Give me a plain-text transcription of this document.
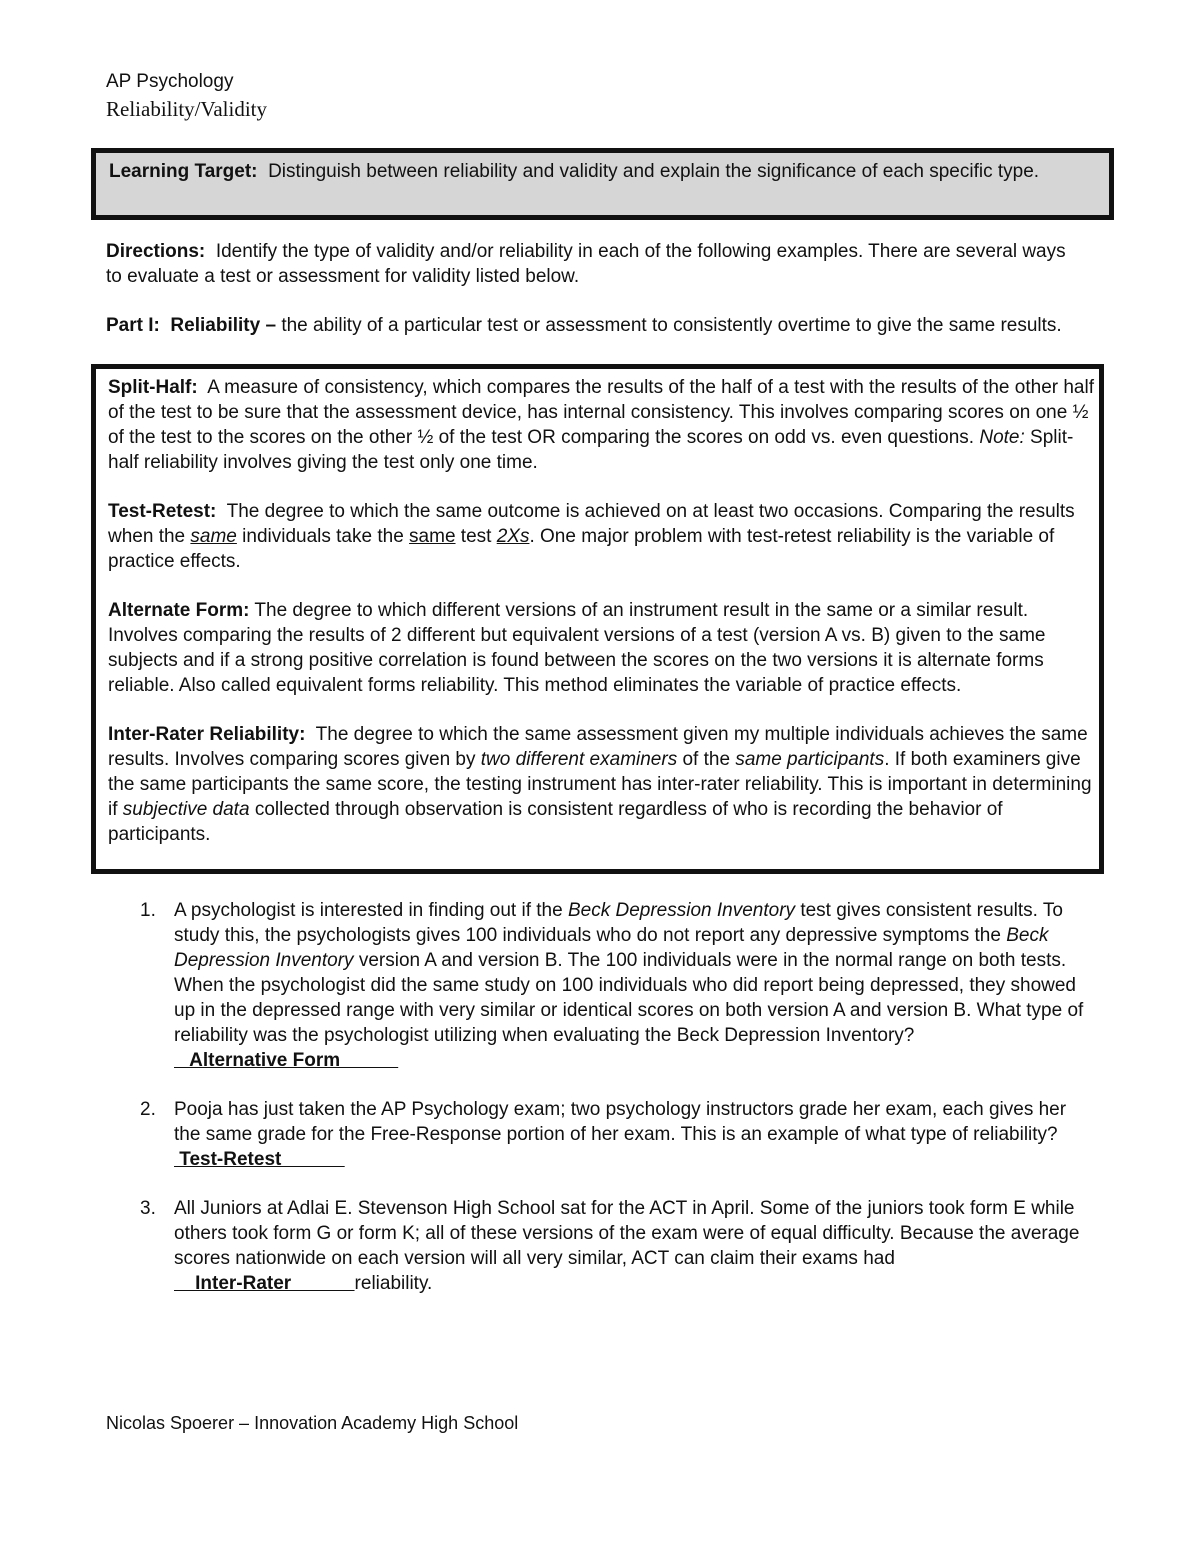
AP Psychology
Reliability/Validity
Learning Target: Distinguish between reliability and validity and explain the significance of each specific type.
Directions: Identify the type of validity and/or reliability in each of the following examples. There are several ways to evaluate a test or assessment for validity listed below.
Part I: Reliability – the ability of a particular test or assessment to consistently overtime to give the same results.

Split-Half: A measure of consistency, which compares the results of the half of a test with the results of the other half of the test to be sure that the assessment device, has internal consistency. This involves comparing scores on one ½ of the test to the scores on the other ½ of the test OR comparing the scores on odd vs. even questions. Note: Split-half reliability involves giving the test only one time.

Test-Retest: The degree to which the same outcome is achieved on at least two occasions. Comparing the results when the same individuals take the same test 2Xs. One major problem with test-retest reliability is the variable of practice effects.

Alternate Form: The degree to which different versions of an instrument result in the same or a similar result. Involves comparing the results of 2 different but equivalent versions of a test (version A vs. B) given to the same subjects and if a strong positive correlation is found between the scores on the two versions it is alternate forms reliable. Also called equivalent forms reliability. This method eliminates the variable of practice effects.

Inter-Rater Reliability: The degree to which the same assessment given my multiple individuals achieves the same results. Involves comparing scores given by two different examiners of the same participants. If both examiners give the same participants the same score, the testing instrument has inter-rater reliability. This is important in determining if subjective data collected through observation is consistent regardless of who is recording the behavior of participants.

1. A psychologist is interested in finding out if the Beck Depression Inventory test gives consistent results. To study this, the psychologists gives 100 individuals who do not report any depressive symptoms the Beck Depression Inventory version A and version B. The 100 individuals were in the normal range on both tests. When the psychologist did the same study on 100 individuals who did report being depressed, they showed up in the depressed range with very similar or identical scores on both version A and version B. What type of reliability was the psychologist utilizing when evaluating the Beck Depression Inventory?    Alternative Form
2. Pooja has just taken the AP Psychology exam; two psychology instructors grade her exam, each gives her the same grade for the Free-Response portion of her exam. This is an example of what type of reliability?  Test-Retest
3. All Juniors at Adlai E. Stevenson High School sat for the ACT in April. Some of the juniors took form E while others took form G or form K; all of these versions of the exam were of equal difficulty. Because the average scores nationwide on each version will all very similar, ACT can claim their exams had     Inter-Rater            reliability.
Nicolas Spoerer – Innovation Academy High School
